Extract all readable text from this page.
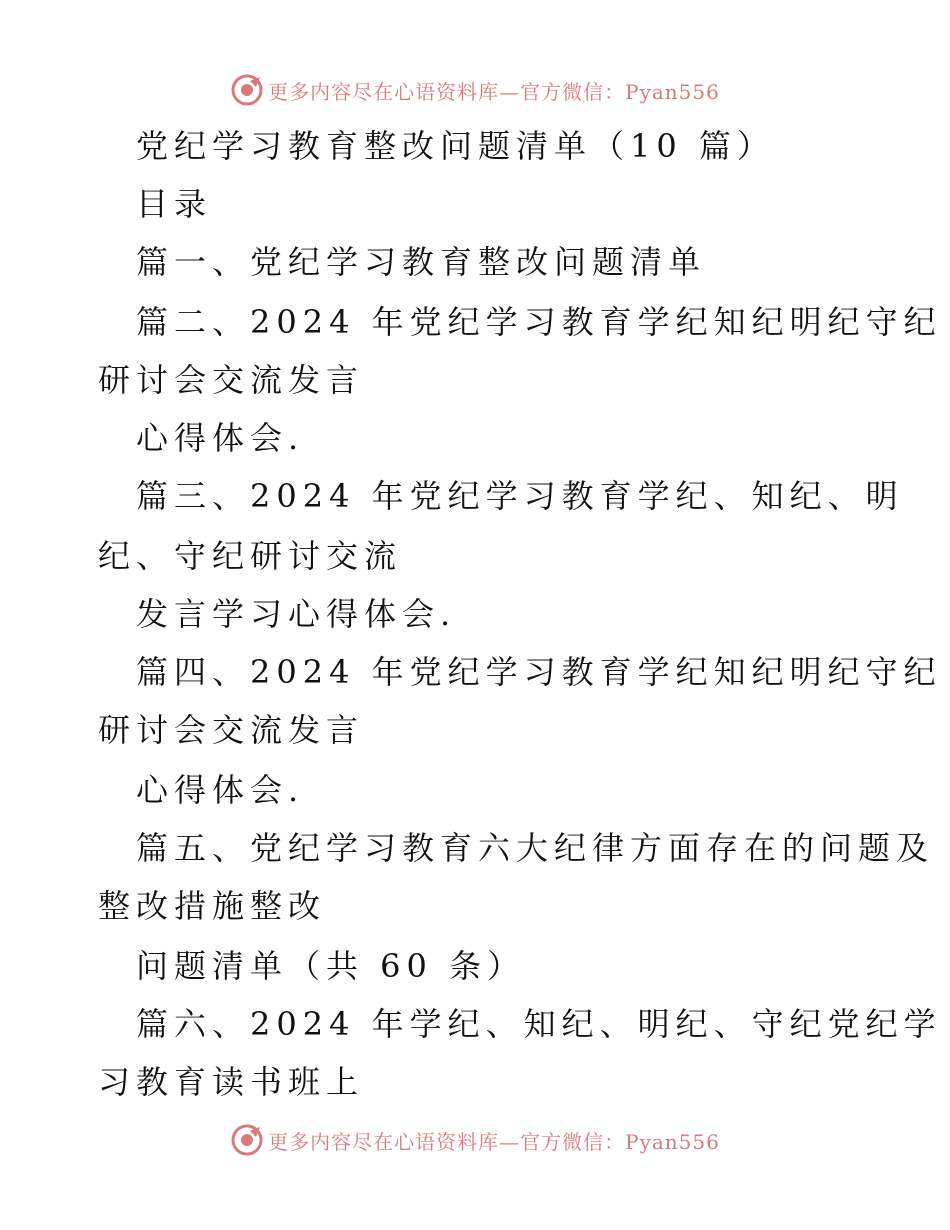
更多内容尽在心语资料库—官方微信：Pyan556
党纪学习教育整改问题清单（10 篇）
目录
篇一、党纪学习教育整改问题清单
篇二、2024 年党纪学习教育学纪知纪明纪守纪
研讨会交流发言
心得体会.
篇三、2024 年党纪学习教育学纪、知纪、明
纪、守纪研讨交流
发言学习心得体会.
篇四、2024 年党纪学习教育学纪知纪明纪守纪
研讨会交流发言
心得体会.
篇五、党纪学习教育六大纪律方面存在的问题及
整改措施整改
问题清单（共 60 条）
篇六、2024 年学纪、知纪、明纪、守纪党纪学
习教育读书班上
更多内容尽在心语资料库—官方微信：Pyan556
